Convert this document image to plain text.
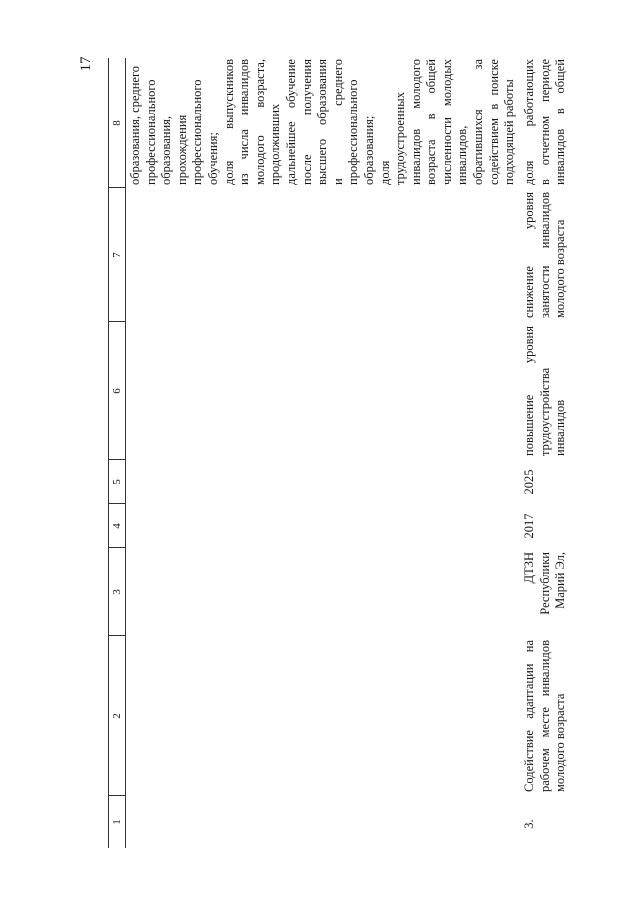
17
1
2
3
4
5
6
7
8 образования, среднего профессионального образования, прохождения профессионального обучения; доля выпускников из числа инвалидов молодого возраста, продолживших дальнейшее обучение после получения высшего образования и среднего профессионального образования; доля трудоустроенных инвалидов молодого возраста в общей численности молодых инвалидов, обратившихся за содействием в поиске подходящей работы
3.
Содействие адаптации на рабочем месте инвалидов молодого возраста
ДТЗН Республики Марий Эл,
2017
2025
повышение уровня трудоустройства инвалидов
снижение уровня занятости инвалидов молодого возраста
доля работающих в отчетном периоде инвалидов в общей
